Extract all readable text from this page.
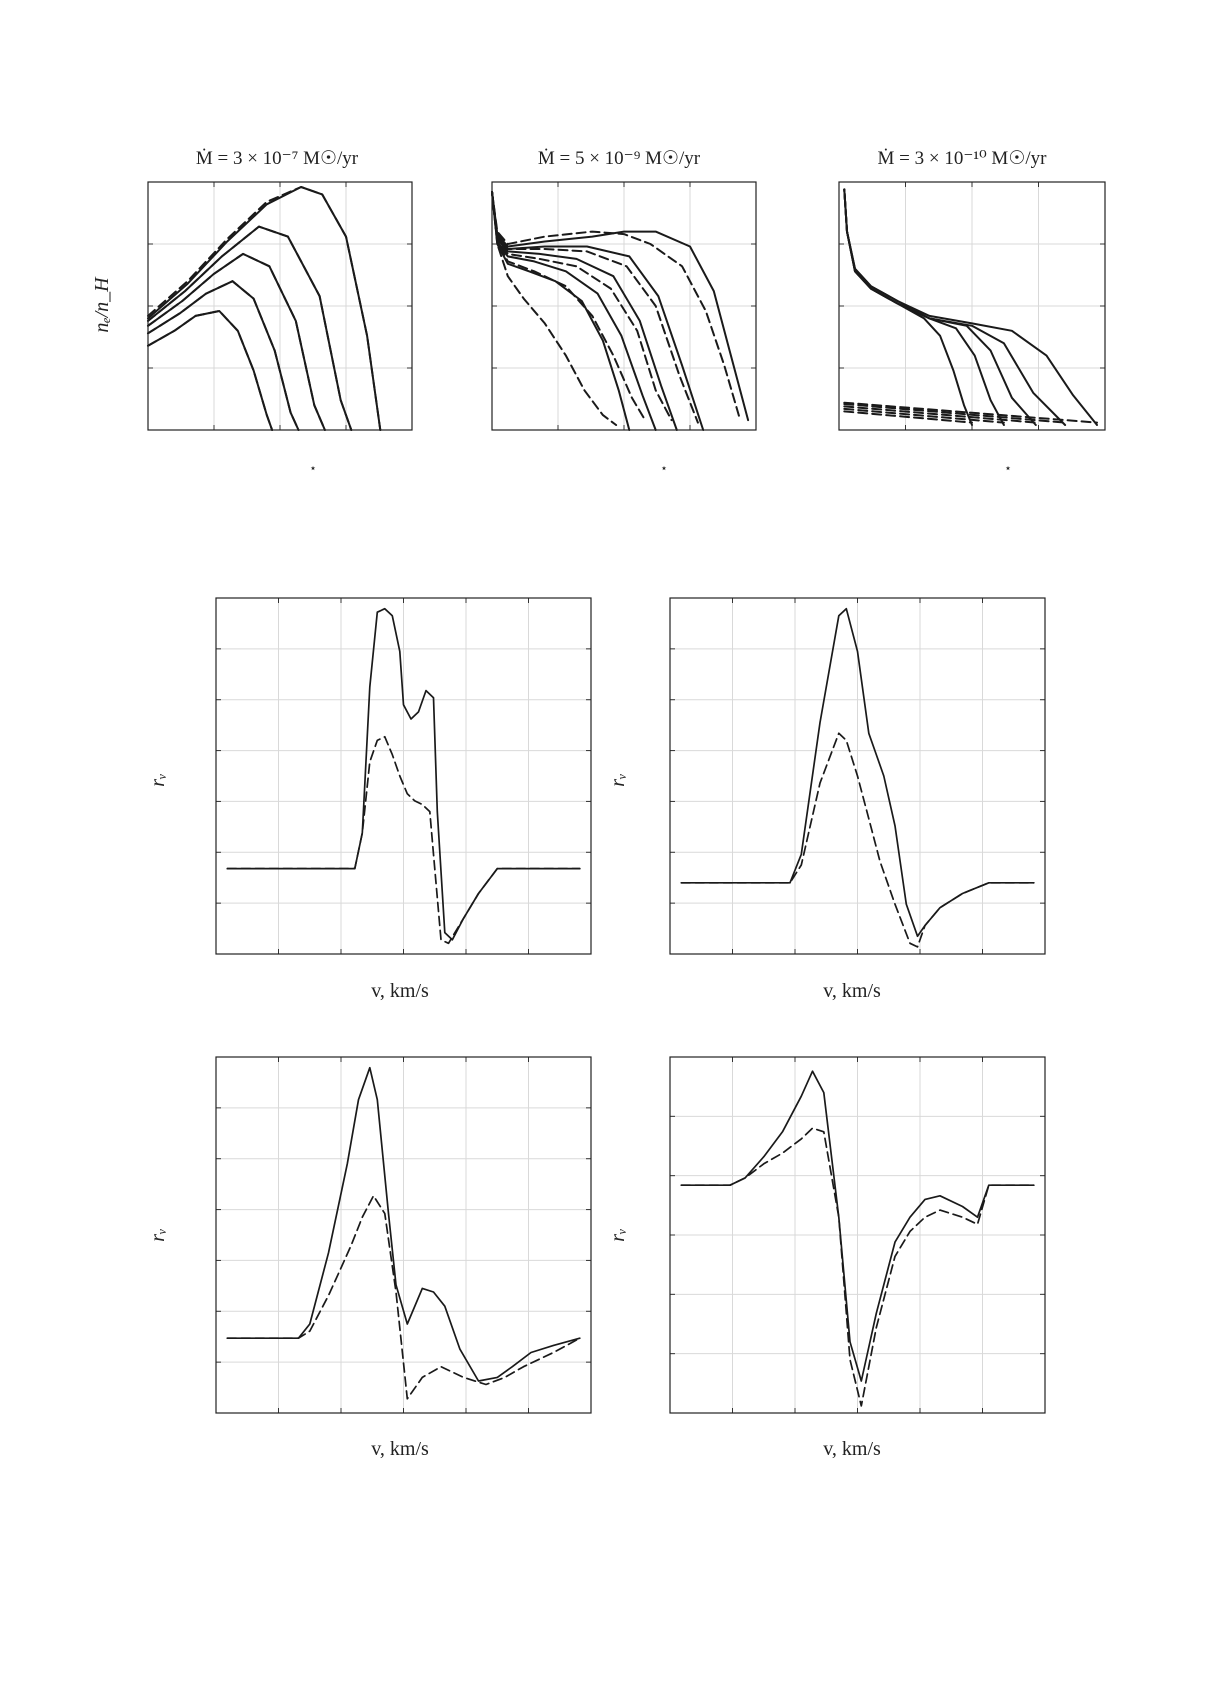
Ṁ = 3 × 10⁻⁷ M☉/yr	Ṁ = 5 × 10⁻⁹ M☉/yr	Ṁ = 3 × 10⁻¹⁰ M☉/yr
nₑ/n_H
rᵥ	rᵥ
rᵥ	rᵥ
v, km/s	v, km/s
v, km/s	v, km/s
⋆	⋆	⋆
